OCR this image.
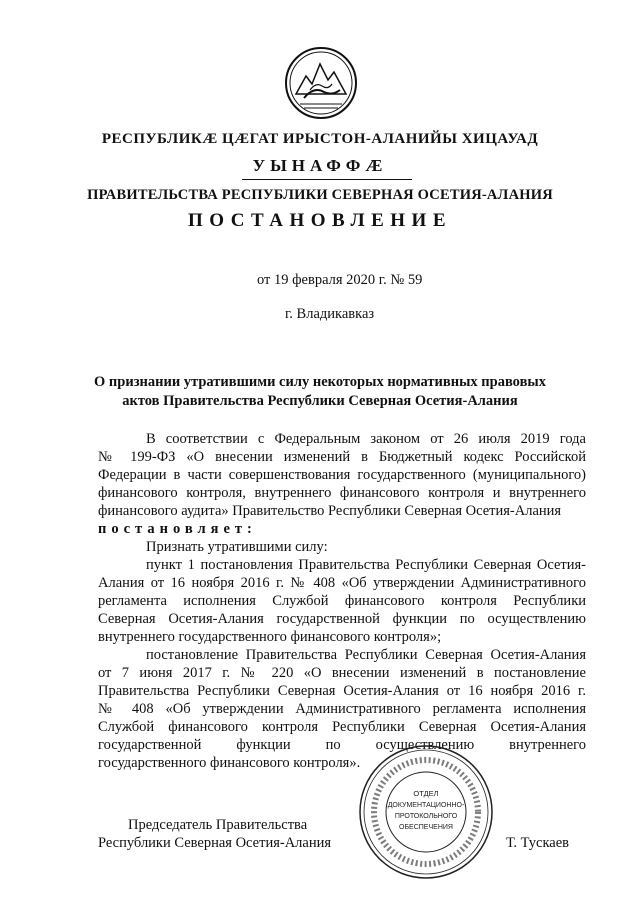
РЕСПУБЛИКӔ ЦӔГАТ ИРЫСТОН-АЛАНИЙЫ ХИЦАУАД
УЫНАФФӔ
ПРАВИТЕЛЬСТВА РЕСПУБЛИКИ СЕВЕРНАЯ ОСЕТИЯ-АЛАНИЯ
ПОСТАНОВЛЕНИЕ
от 19 февраля 2020 г. № 59
г. Владикавказ
О признании утратившими силу некоторых нормативных правовых
актов Правительства Республики Северная Осетия-Алания
В соответствии с Федеральным законом от 26 июля 2019 года
№ 199-ФЗ «О внесении изменений в Бюджетный кодекс Российской
Федерации в части совершенствования государственного (муниципального)
финансового контроля, внутреннего финансового контроля и внутреннего
финансового аудита» Правительство Республики Северная Осетия-Алания
постановляет:
Признать утратившими силу:
пункт 1 постановления Правительства Республики Северная Осетия-
Алания от 16 ноября 2016 г. № 408 «Об утверждении Административного
регламента исполнения Службой финансового контроля Республики
Северная Осетия-Алания государственной функции по осуществлению
внутреннего государственного финансового контроля»;
постановление Правительства Республики Северная Осетия-Алания
от 7 июня 2017 г. № 220 «О внесении изменений в постановление
Правительства Республики Северная Осетия-Алания от 16 ноября 2016 г.
№ 408 «Об утверждении Административного регламента исполнения
Службой финансового контроля Республики Северная Осетия-Алания
государственной функции по осуществлению внутреннего
государственного финансового контроля».
ОТДЕЛ
ДОКУМЕНТАЦИОННО-
ПРОТОКОЛЬНОГО
ОБЕСПЕЧЕНИЯ
Председатель Правительства
Республики Северная Осетия-Алания	Т. Тускаев
